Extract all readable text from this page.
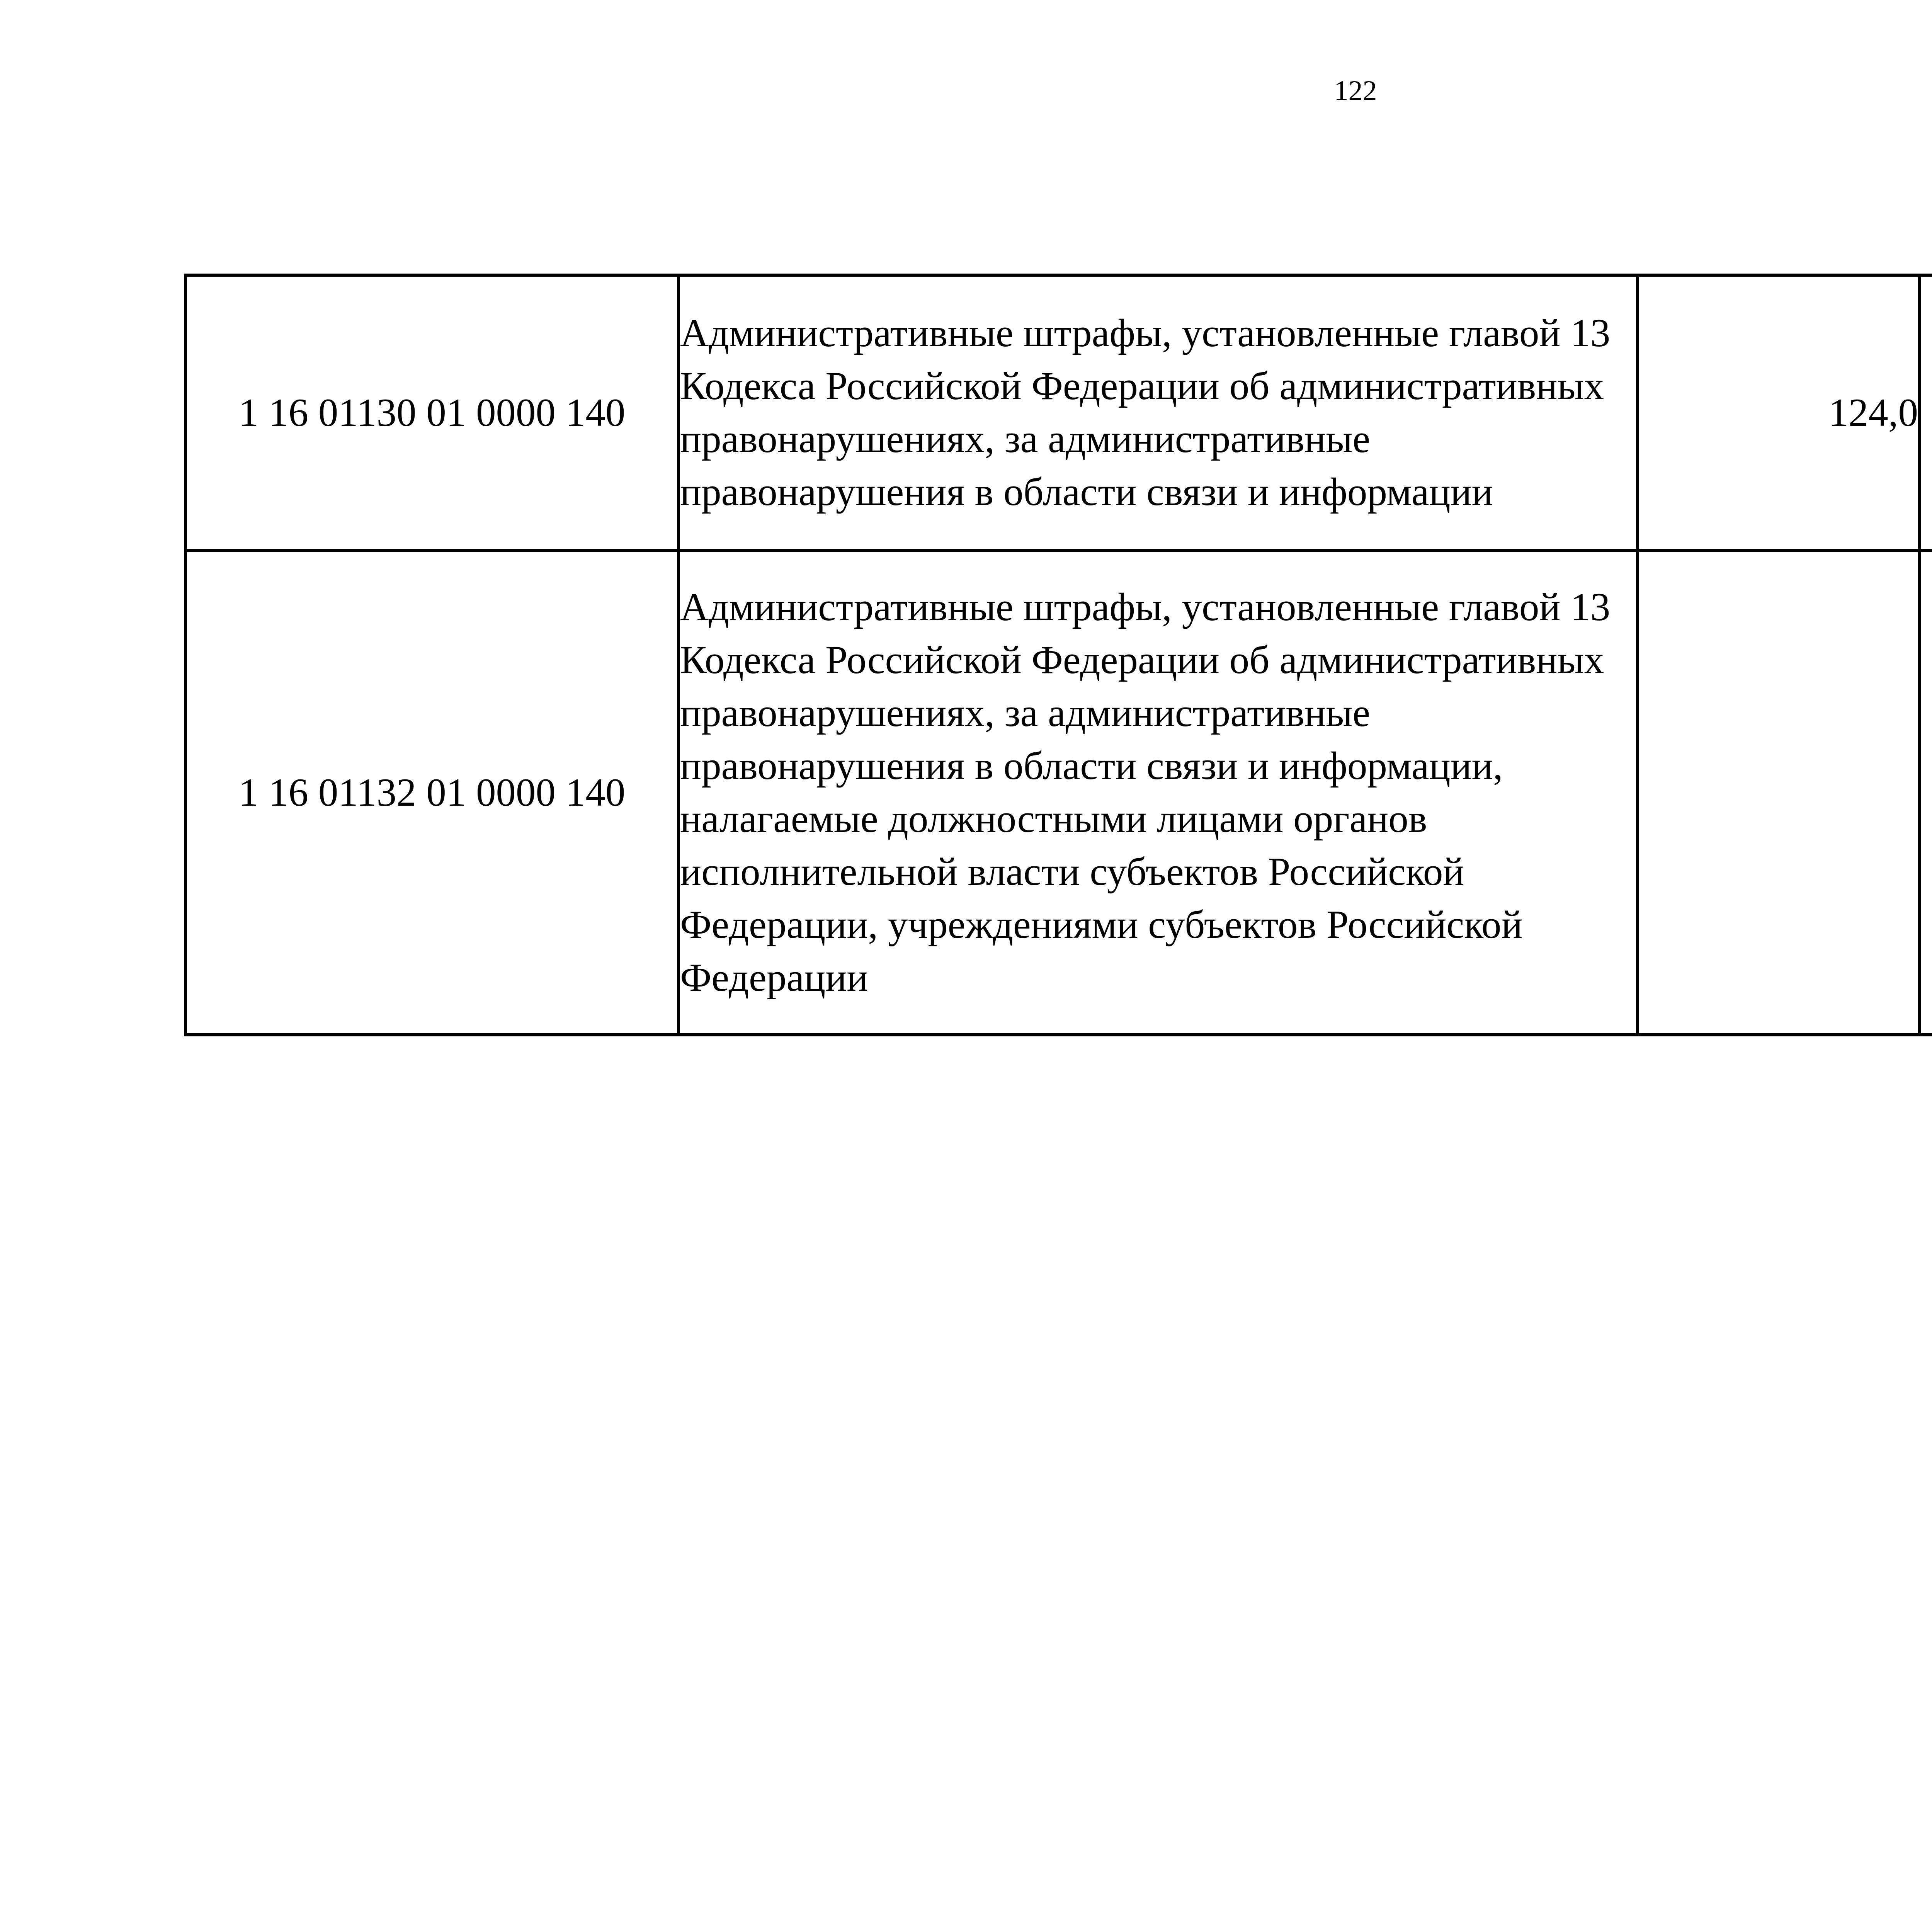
122
1 16 01130 01 0000 140	Административные штрафы, установленные главой 13 Кодекса Российской Федерации об административных правонарушениях, за административные правонарушения в области связи и информации	124,0		
1 16 01132 01 0000 140	Административные штрафы, установленные главой 13 Кодекса Российской Федерации об административных правонарушениях, за административные правонарушения в области связи и информации, налагаемые должностными лицами органов исполнительной власти субъектов Российской Федерации, учреждениями субъектов Российской Федерации			
